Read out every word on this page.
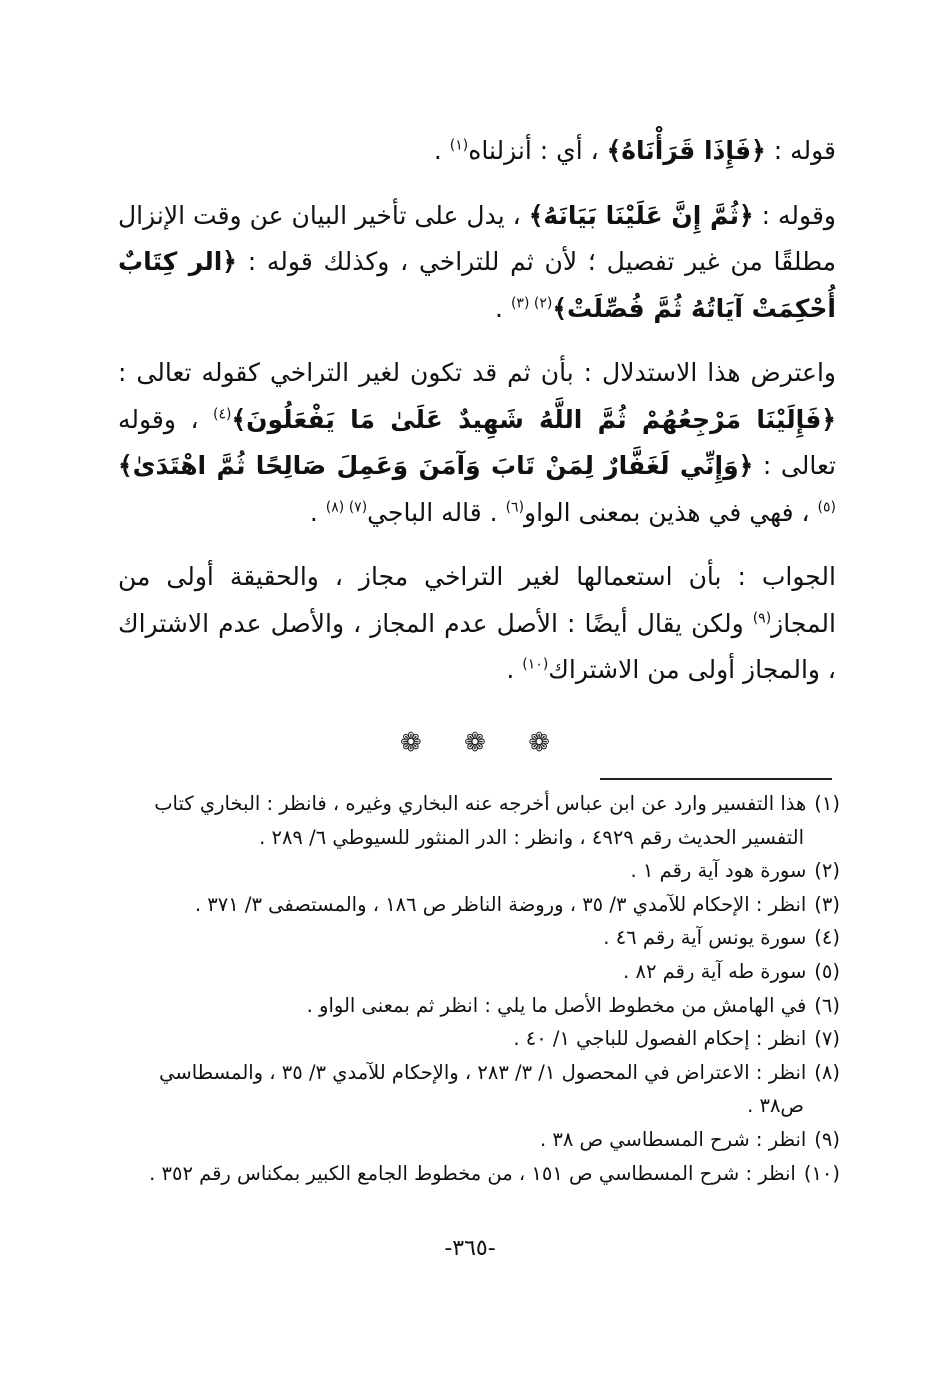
قوله : ﴿فَإِذَا قَرَأْنَاهُ﴾ ، أي : أنزلناه$^{(١)}$ .

وقوله : ﴿ثُمَّ إِنَّ عَلَيْنَا بَيَانَهُ﴾ ، يدل على تأخير البيان عن وقت الإنزال مطلقًا من غير تفصيل ؛ لأن ثم للتراخي ، وكذلك قوله : ﴿الر كِتَابٌ أُحْكِمَتْ آيَاتُهُ ثُمَّ فُصِّلَتْ﴾$^{(٢) (٣)}$ .

واعترض هذا الاستدلال : بأن ثم قد تكون لغير التراخي كقوله تعالى : ﴿فَإِلَيْنَا مَرْجِعُهُمْ ثُمَّ اللَّهُ شَهِيدٌ عَلَىٰ مَا يَفْعَلُونَ﴾$^{(٤)}$ ، وقوله تعالى : ﴿وَإِنِّي لَغَفَّارٌ لِمَنْ تَابَ وَآمَنَ وَعَمِلَ صَالِحًا ثُمَّ اهْتَدَىٰ﴾$^{(٥)}$ ، فهي في هذين بمعنى الواو$^{(٦)}$ . قاله الباجي$^{(٧) (٨)}$ .

الجواب : بأن استعمالها لغير التراخي مجاز ، والحقيقة أولى من المجاز$^{(٩)}$ ولكن يقال أيضًا : الأصل عدم المجاز ، والأصل عدم الاشتراك ، والمجاز أولى من الاشتراك$^{(١٠)}$ .

❁ ❁ ❁

(١)هذا التفسير وارد عن ابن عباس أخرجه عنه البخاري وغيره ، فانظر : البخاري كتاب

التفسير الحديث رقم ٤٩٢٩ ، وانظر : الدر المنثور للسيوطي ٦/ ٢٨٩ .

(٢)سورة هود آية رقم ١ .

(٣)انظر : الإحكام للآمدي ٣/ ٣٥ ، وروضة الناظر ص ١٨٦ ، والمستصفى ٣/ ٣٧١ .

(٤)سورة يونس آية رقم ٤٦ .

(٥)سورة طه آية رقم ٨٢ .

(٦)في الهامش من مخطوط الأصل ما يلي : انظر ثم بمعنى الواو .

(٧)انظر : إحكام الفصول للباجي ١/ ٤٠ .

(٨)انظر : الاعتراض في المحصول ١/ ٣/ ٢٨٣ ، والإحكام للآمدي ٣/ ٣٥ ، والمسطاسي

ص٣٨ .

(٩)انظر : شرح المسطاسي ص ٣٨ .

(١٠)انظر : شرح المسطاسي ص ١٥١ ، من مخطوط الجامع الكبير بمكناس رقم ٣٥٢ .

-٣٦٥-
